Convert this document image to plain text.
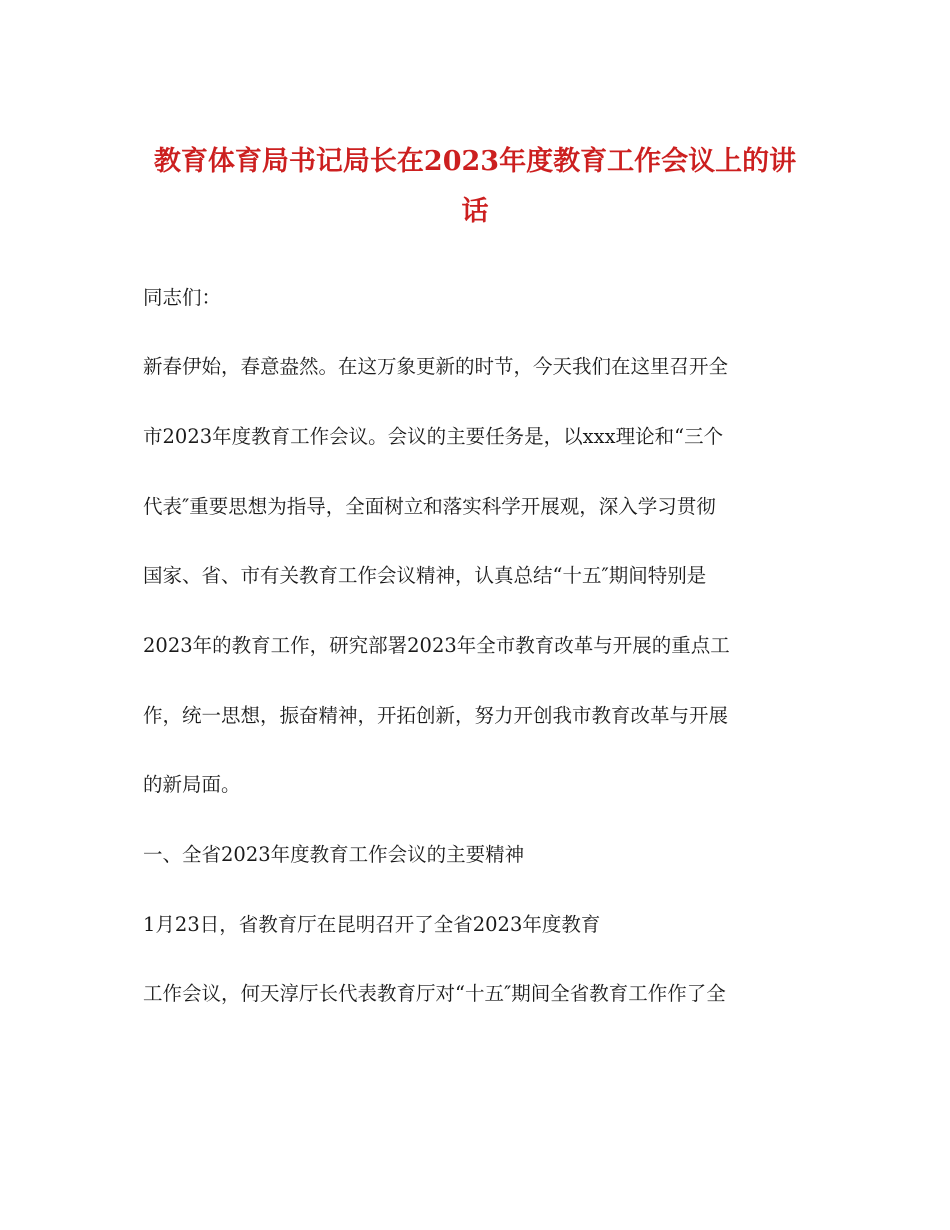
教育体育局书记局长在2023年度教育工作会议上的讲
话
同志们：
新春伊始，春意盎然。在这万象更新的时节，今天我们在这里召开全
市2023年度教育工作会议。会议的主要任务是，以xxx理论和“三个
代表″重要思想为指导，全面树立和落实科学开展观，深入学习贯彻
国家、省、市有关教育工作会议精神，认真总结“十五″期间特别是
2023年的教育工作，研究部署2023年全市教育改革与开展的重点工
作，统一思想，振奋精神，开拓创新，努力开创我市教育改革与开展
的新局面。
一、全省2023年度教育工作会议的主要精神
1月23日，省教育厅在昆明召开了全省2023年度教育
工作会议，何天淳厅长代表教育厅对“十五″期间全省教育工作作了全
